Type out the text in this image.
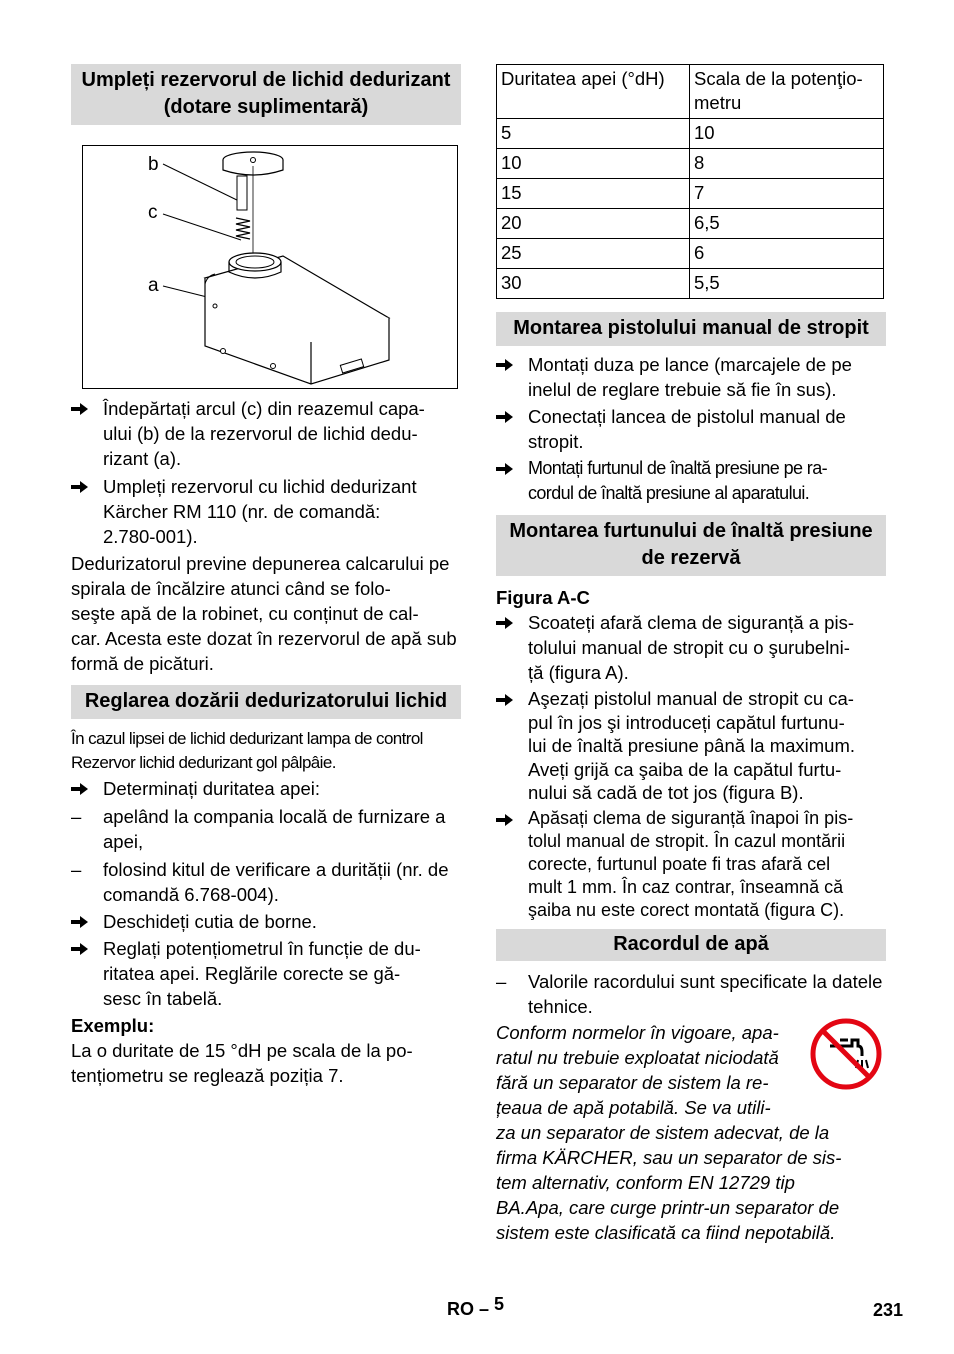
Umpleți rezervorul de lichid dedurizant (dotare suplimentară)
b
c
a
Îndepărtați arcul (c) din reazemul capa-
ului (b) de la rezervorul de lichid dedu-
rizant (a).
Umpleți rezervorul cu lichid dedurizant
Kärcher RM 110 (nr. de comandă:
2.780-001).
Dedurizatorul previne depunerea calcarului pe spirala de încălzire atunci când se folo-
seşte apă de la robinet, cu conținut de cal-
car. Acesta este dozat în rezervorul de apă sub formă de picături.
Reglarea dozării dedurizatorului lichid
În cazul lipsei de lichid dedurizant lampa de control Rezervor lichid dedurizant gol pâlpâie.
Determinați duritatea apei:
– apelând la compania locală de furnizare a apei,
– folosind kitul de verificare a durității (nr. de comandă 6.768-004).
Deschideți cutia de borne.
Reglați potențiometrul în funcție de du-
ritatea apei. Reglările corecte se gă-
sesc în tabelă.
Exemplu:
La o duritate de 15 °dH pe scala de la po-
tențiometru se reglează poziția 7.
Duritatea apei (°dH)	Scala de la potenţio-
metru
5	10
10	8
15	7
20	6,5
25	6
30	5,5
Montarea pistolului manual de stropit
Montați duza pe lance (marcajele de pe inelul de reglare trebuie să fie în sus).
Conectați lancea de pistolul manual de stropit.
Montați furtunul de înaltă presiune pe ra-
cordul de înaltă presiune al aparatului.
Montarea furtunului de înaltă presiune de rezervă
Figura A-C
Scoateți afară clema de siguranță a pis-
tolului manual de stropit cu o şurubelni-
ță (figura A).
Aşezați pistolul manual de stropit cu ca-
pul în jos şi introduceți capătul furtunu-
lui de înaltă presiune până la maximum.
Aveți grijă ca şaiba de la capătul furtu-
nului să cadă de tot jos (figura B).
Apăsați clema de siguranță înapoi în pis-
tolul manual de stropit. În cazul montării
corecte, furtunul poate fi tras afară cel
mult 1 mm. În caz contrar, înseamnă că
şaiba nu este corect montată (figura C).
Racordul de apă
– Valorile racordului sunt specificate la datele tehnice.
Conform normelor în vigoare, apa-
ratul nu trebuie exploatat niciodată
fără un separator de sistem la re-
țeaua de apă potabilă. Se va utili-
za un separator de sistem adecvat, de la
firma KÄRCHER, sau un separator de sis-
tem alternativ, conform EN 12729 tip
BA.Apa, care curge printr-un separator de
sistem este clasificată ca fiind nepotabilă.
RO – 5	231
